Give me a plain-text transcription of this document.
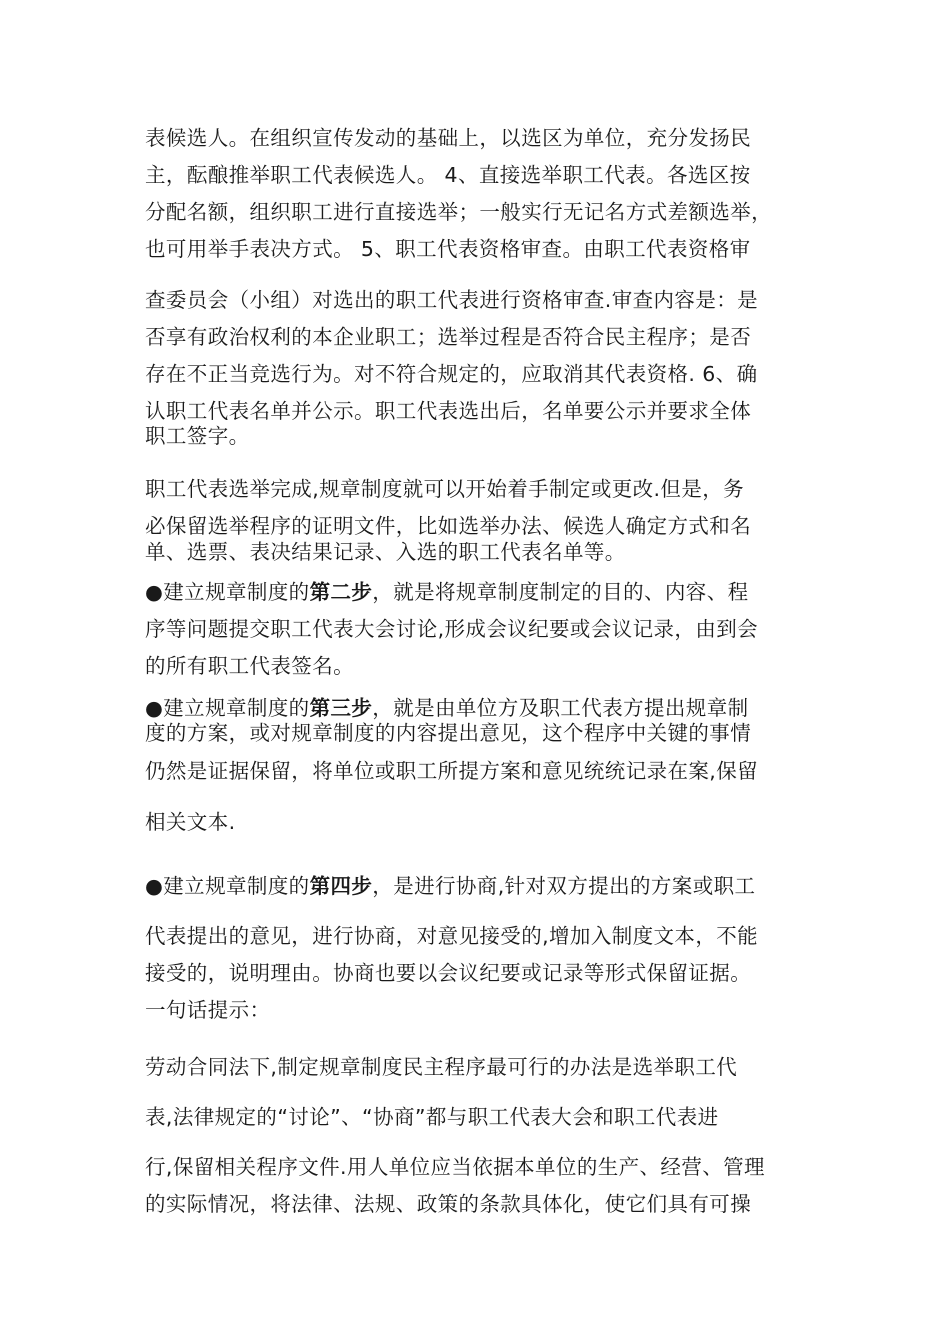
表候选人。在组织宣传发动的基础上，以选区为单位，充分发扬民
主，酝酿推举职工代表候选人。 4、直接选举职工代表。各选区按
分配名额，组织职工进行直接选举；一般实行无记名方式差额选举，
也可用举手表决方式。 5、职工代表资格审查。由职工代表资格审
查委员会（小组）对选出的职工代表进行资格审查.审查内容是：是
否享有政治权利的本企业职工；选举过程是否符合民主程序；是否
存在不正当竞选行为。对不符合规定的，应取消其代表资格. 6、确
认职工代表名单并公示。职工代表选出后，名单要公示并要求全体
职工签字。
职工代表选举完成,规章制度就可以开始着手制定或更改.但是，务
必保留选举程序的证明文件，比如选举办法、候选人确定方式和名
单、选票、表决结果记录、入选的职工代表名单等。
●建立规章制度的第二步，就是将规章制度制定的目的、内容、程
序等问题提交职工代表大会讨论,形成会议纪要或会议记录，由到会
的所有职工代表签名。
●建立规章制度的第三步，就是由单位方及职工代表方提出规章制
度的方案，或对规章制度的内容提出意见，这个程序中关键的事情
仍然是证据保留，将单位或职工所提方案和意见统统记录在案,保留
相关文本.
●建立规章制度的第四步，是进行协商,针对双方提出的方案或职工
代表提出的意见，进行协商，对意见接受的,增加入制度文本，不能
接受的，说明理由。协商也要以会议纪要或记录等形式保留证据。
一句话提示：
劳动合同法下,制定规章制度民主程序最可行的办法是选举职工代
表,法律规定的“讨论”、“协商”都与职工代表大会和职工代表进
行,保留相关程序文件.用人单位应当依据本单位的生产、经营、管理
的实际情况，将法律、法规、政策的条款具体化，使它们具有可操
